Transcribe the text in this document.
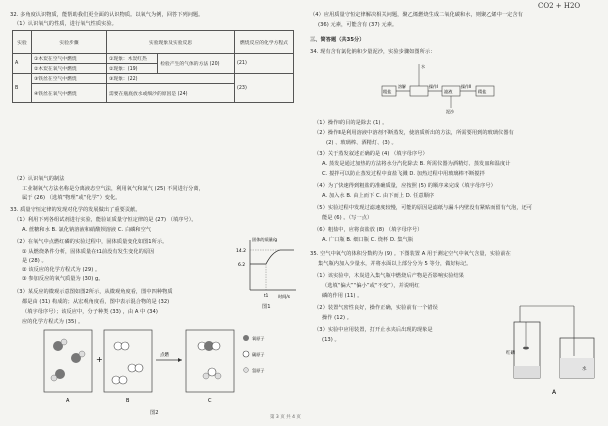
CO2 + H2O
32. 多角度认识物质，能帮助我们更全面的认识物质。以氧气为例，回答下列问题。
（1）认识氧气的性质，进行氧气性质实验。
实验	实验步骤	实验现象及实验反思		燃烧反应的化学方程式
A	①木炭在空气中燃烧	①现象：木炭红热	检验产生的气体的方法 (20)	(21)
	②木炭在氧气中燃烧	②现象：(19)		
B	③铁丝在空气中燃烧	③现象：(22)		(23)
	④铁丝在氧气中燃烧	需要在瓶底放水或细沙的原因是 (24)		
（2）认识氧气的制法
工业制氧气方法名称是分离液态空气法，利用氧气和氮气 (25) 不同进行分离，
属于 (26) （选填“物理”或“化学”）变化。
33. 质量守恒定律的发现对化学的发展做出了重要贡献。
（1）利用下列各组试剂进行实验，能验证质量守恒定律的是 (27) （填序号）。
A. 蔗糖和水 B. 氯化钠溶液和硝酸钡溶液 C. 白磷和空气
（2）在氧气中点燃红磷的实验过程中，固体质量变化如图1所示。
① 从燃烧条件分析，固体质量在t1前没有发生变化的原因
是 (28) 。
② 该反应的化学方程式为 (29) 。
③ 参加反应的氧气质量为 (30) g。
14.2
6.2
固体的质量/g
时间/s
t1
图1
（3）某反应的微观示意图如图2所示，从微观角度看，图中四种物质
都是由 (31) 构成的；从宏观角度看，图中表示混合物的是 (32)
（填字母序号）；该反应中，分子种类 (33) ，由 A 中 (34)
应的化学方程式为 (35) 。
+	点燃
A	B	C
氧原子
碳原子
氢原子
图2
（4）应用质量守恒定律解决相关问题，聚乙烯燃烧生成二氧化碳和水，则聚乙烯中一定含有
(36) 元素，可能含有 (37) 元素。
三、简答题（共35分）
34. 现有含有氯化钠和少量泥沙，实验步骤如图所示：
粗盐
溶解	操作Ⅰ
滤液
操作Ⅱ
精盐
水
泥沙
（1）操作Ⅰ的目的是除去 (1) 。
（2）操作Ⅱ是利用溶液中溶剂不断蒸发，使溶质析出的方法，所需要用到的玻璃仪器有
(2) 、玻璃棒、酒精灯、(3) 。
（3）关于蒸发叙述正确的是 (4) （填字母序号）
A. 蒸发是通过加热的方法将水分汽化除去 B. 所需仪器为酒精灯、蒸发皿和温度计
C. 搅拌可以防止蒸发过程中食盐飞溅 D. 加热过程中用玻璃棒不断搅拌
（4）为了快速得到粗盐的准确质量，应按照 (5) 的顺序来完成（填字母序号）
A. 加入水 B. 由上而下 C. 由下而上 D. 任意顺序
（5）实验过程中发现过滤速度较慢，可能的原因是滤纸与漏斗内壁没有紧贴而留有气泡，还可
能是 (6) 。（写一点）
（6）粗盐中，应将食盐放 (8) （填字母序号）
A. 广口瓶 B. 细口瓶 C. 烧杯 D. 集气瓶
35. 空气中氧气的体积分数约为 (9) 。下图装置 A 用于测定空气中氧气含量，实验前在
集气瓶内加入少量水，并将水面以上部分分为 5 等分，做好标记。
（1）该实验中，木炭进入集气瓶中燃烧后产物是否影响实验结果
（选填“偏大”“偏小”或“不变”），并说明红
磷的作用 (11) 。
（2）装置气密性良好，操作正确，实验前有一个错误
操作 (12) 。
（3）实验中应用装置，打开止水夹后出现的现象是
(13) 。
红磷
水
A
第 3 页 共 4 页
